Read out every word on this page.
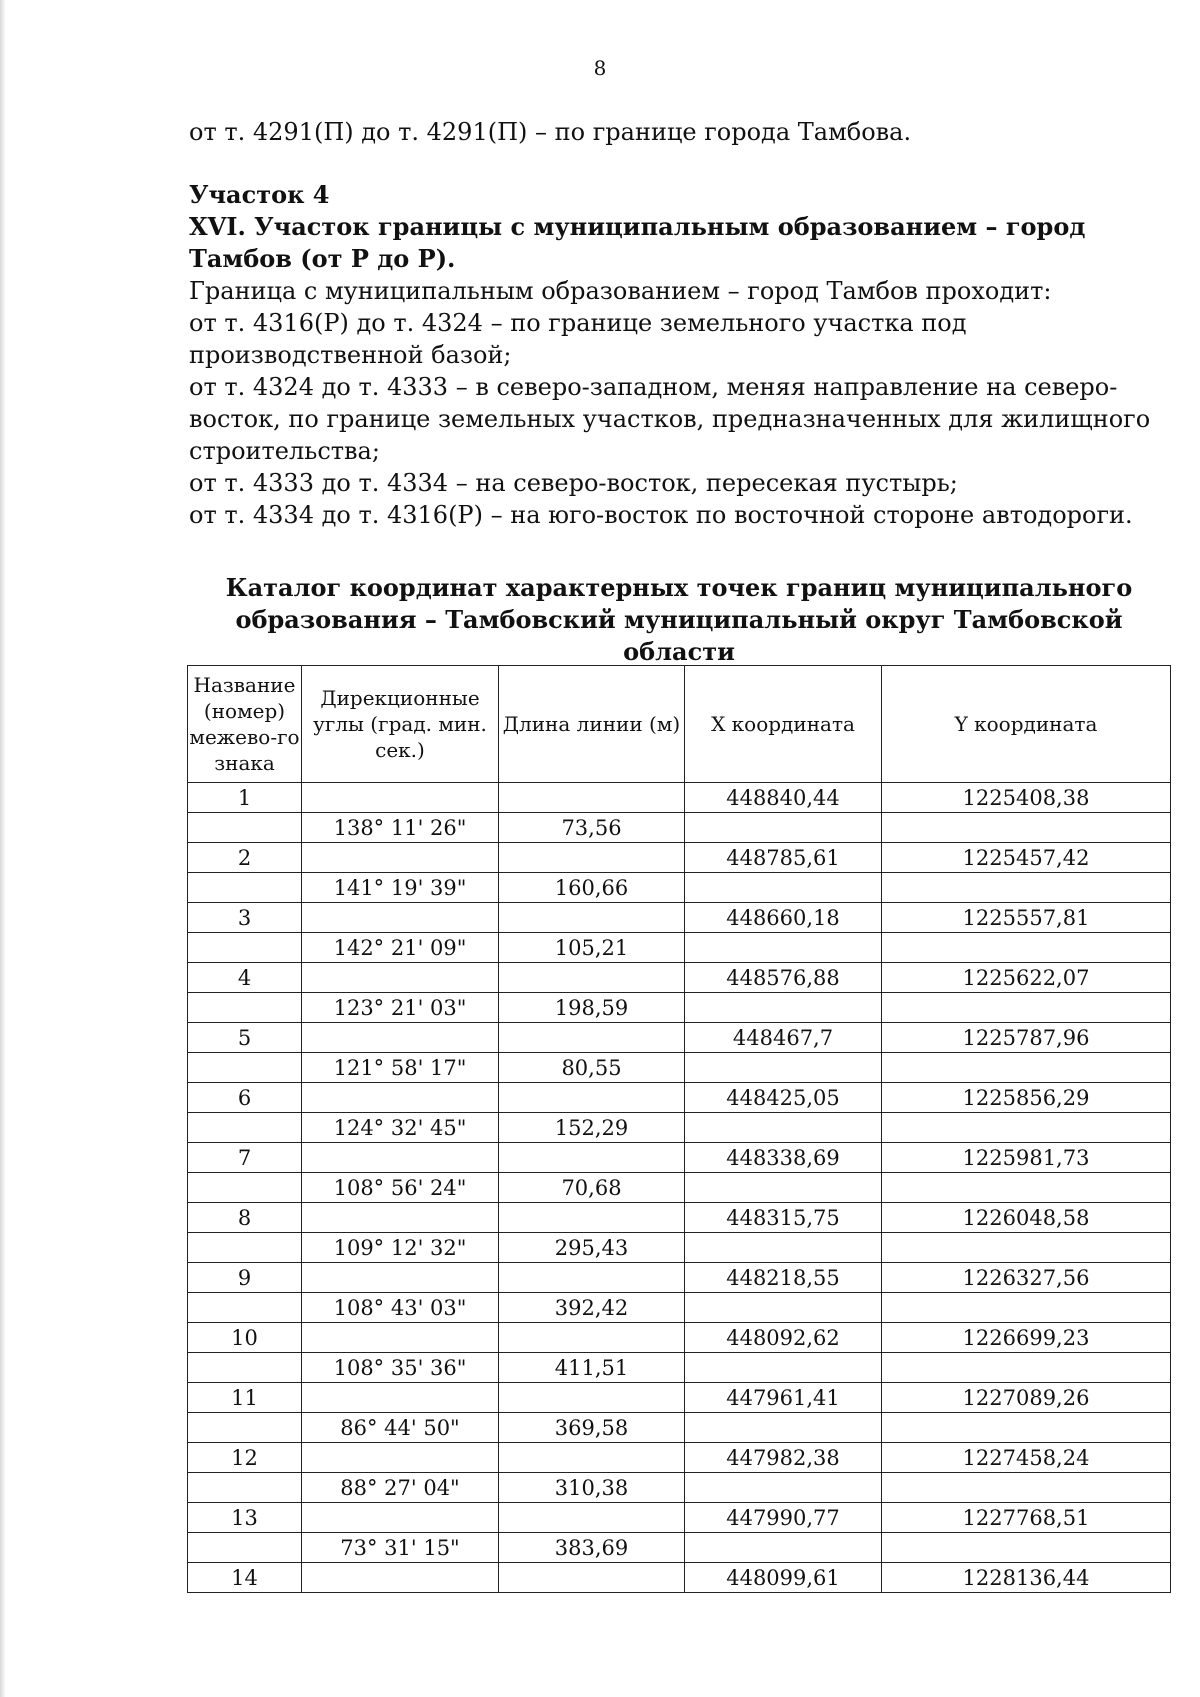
8

от т. 4291(П) до т. 4291(П) – по границе города Тамбова.

Участок 4

XVI. Участок границы с муниципальным образованием – город Тамбов (от Р до Р).

Граница с муниципальным образованием – город Тамбов проходит:

от т. 4316(Р) до т. 4324 – по границе земельного участка под производственной базой;

от т. 4324 до т. 4333 – в северо-западном, меняя направление на северо-восток, по границе земельных участков, предназначенных для жилищного строительства;

от т. 4333 до т. 4334 – на северо-восток, пересекая пустырь;

от т. 4334 до т. 4316(Р) – на юго-восток по восточной стороне автодороги.

Каталог координат характерных точек границ муниципального образования – Тамбовский муниципальный округ Тамбовской области
Название (номер) межево-го знака	Дирекционные углы (град. мин. сек.)	Длина линии (м)	X координата	Y координата
1			448840,44	1225408,38
	138° 11' 26"	73,56		
2			448785,61	1225457,42
	141° 19' 39"	160,66		
3			448660,18	1225557,81
	142° 21' 09"	105,21		
4			448576,88	1225622,07
	123° 21' 03"	198,59		
5			448467,7	1225787,96
	121° 58' 17"	80,55		
6			448425,05	1225856,29
	124° 32' 45"	152,29		
7			448338,69	1225981,73
	108° 56' 24"	70,68		
8			448315,75	1226048,58
	109° 12' 32"	295,43		
9			448218,55	1226327,56
	108° 43' 03"	392,42		
10			448092,62	1226699,23
	108° 35' 36"	411,51		
11			447961,41	1227089,26
	86° 44' 50"	369,58		
12			447982,38	1227458,24
	88° 27' 04"	310,38		
13			447990,77	1227768,51
	73° 31' 15"	383,69		
14			448099,61	1228136,44
